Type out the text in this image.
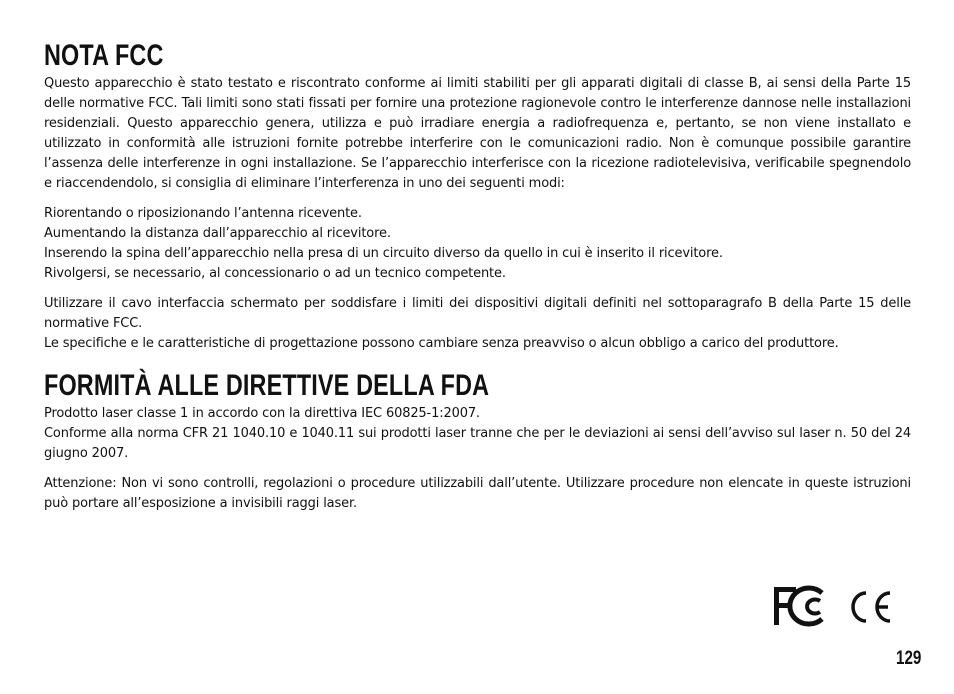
NOTA FCC

Questo apparecchio è stato testato e riscontrato conforme ai limiti stabiliti per gli apparati digitali di classe B, ai sensi della Parte 15 delle normative FCC. Tali limiti sono stati fissati per fornire una protezione ragionevole contro le interferenze dannose nelle installazioni residenziali. Questo apparecchio genera, utilizza e può irradiare energia a radiofrequenza e, pertanto, se non viene installato e utilizzato in conformità alle istruzioni fornite potrebbe interferire con le comunicazioni radio. Non è comunque possibile garantire l’assenza delle interferenze in ogni installazione. Se l’apparecchio interferisce con la ricezione radiotelevisiva, verificabile spegnendolo e riaccendendolo, si consiglia di eliminare l’interferenza in uno dei seguenti modi:

Riorentando o riposizionando l’antenna ricevente.

Aumentando la distanza dall’apparecchio al ricevitore.

Inserendo la spina dell’apparecchio nella presa di un circuito diverso da quello in cui è inserito il ricevitore.

Rivolgersi, se necessario, al concessionario o ad un tecnico competente.

Utilizzare il cavo interfaccia schermato per soddisfare i limiti dei dispositivi digitali definiti nel sottoparagrafo B della Parte 15 delle normative FCC.

Le specifiche e le caratteristiche di progettazione possono cambiare senza preavviso o alcun obbligo a carico del produttore.

FORMITÀ ALLE DIRETTIVE DELLA FDA

Prodotto laser classe 1 in accordo con la direttiva IEC 60825-1:2007.

Conforme alla norma CFR 21 1040.10 e 1040.11 sui prodotti laser tranne che per le deviazioni ai sensi dell’avviso sul laser n. 50 del 24 giugno 2007.

Attenzione: Non vi sono controlli, regolazioni o procedure utilizzabili dall’utente. Utilizzare procedure non elencate in queste istruzioni può portare all’esposizione a invisibili raggi laser.

129
